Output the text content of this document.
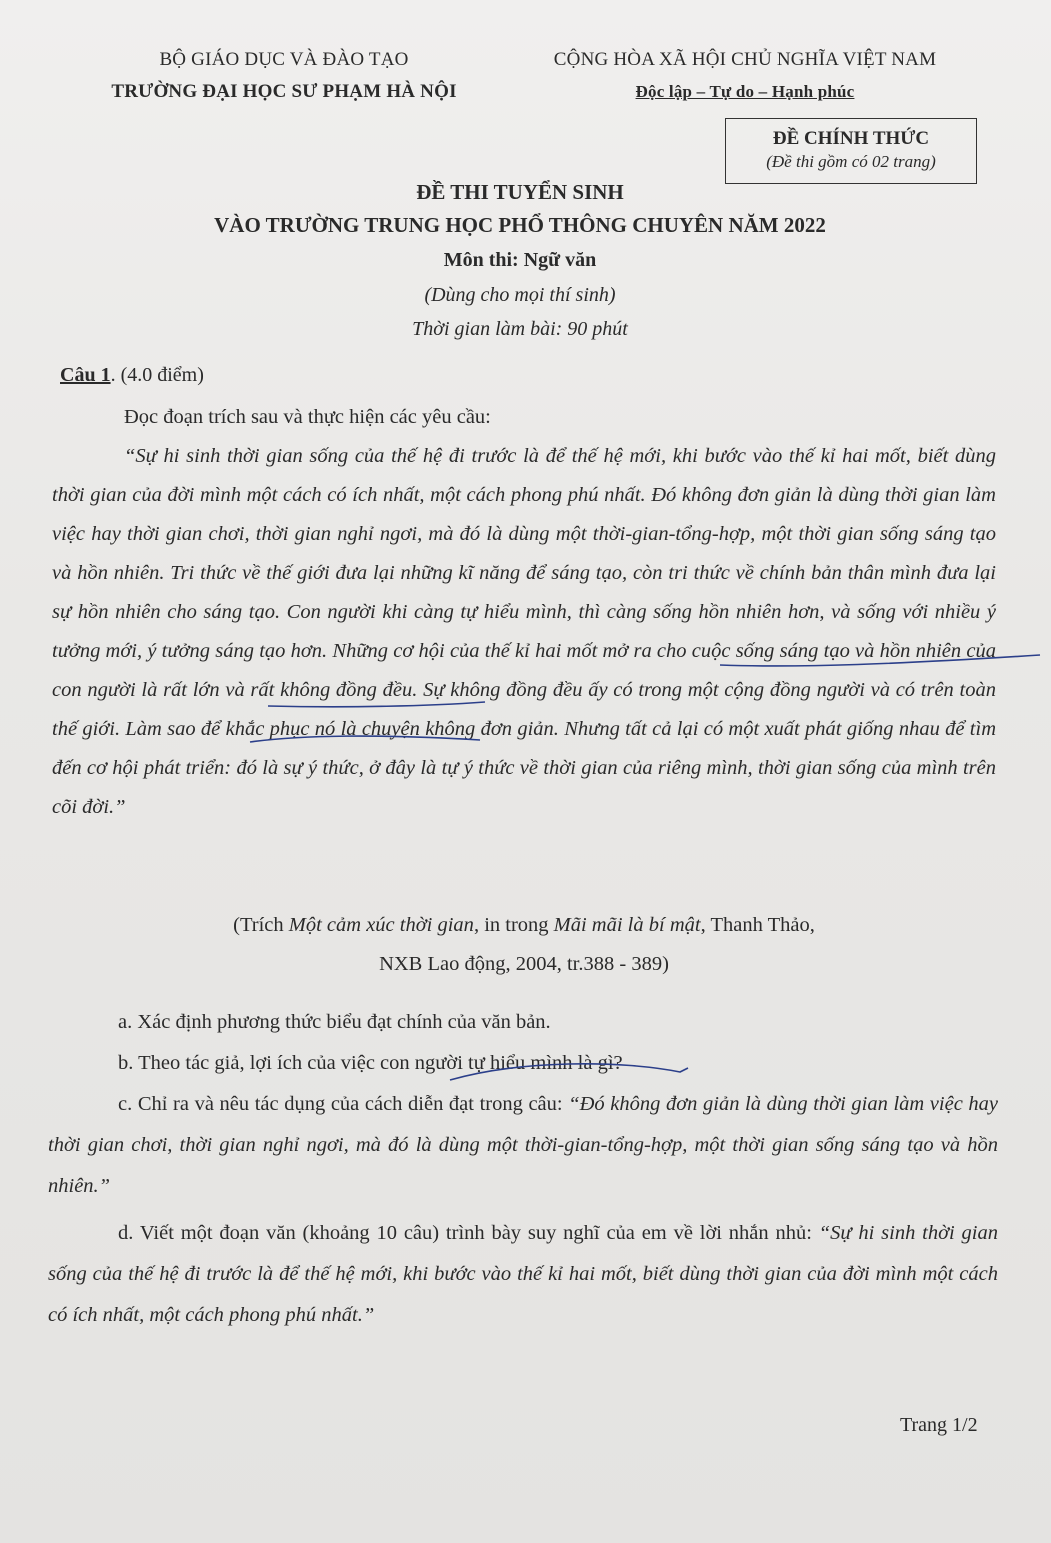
BỘ GIÁO DỤC VÀ ĐÀO TẠO
TRƯỜNG ĐẠI HỌC SƯ PHẠM HÀ NỘI
CỘNG HÒA XÃ HỘI CHỦ NGHĨA VIỆT NAM
Độc lập – Tự do – Hạnh phúc
ĐỀ CHÍNH THỨC
(Đề thi gồm có 02 trang)
ĐỀ THI TUYỂN SINH
VÀO TRƯỜNG TRUNG HỌC PHỔ THÔNG CHUYÊN NĂM 2022
Môn thi: Ngữ văn
(Dùng cho mọi thí sinh)
Thời gian làm bài: 90 phút
Câu 1. (4.0 điểm)
Đọc đoạn trích sau và thực hiện các yêu cầu:

“Sự hi sinh thời gian sống của thế hệ đi trước là để thế hệ mới, khi bước vào thế kỉ hai mốt, biết dùng thời gian của đời mình một cách có ích nhất, một cách phong phú nhất. Đó không đơn giản là dùng thời gian làm việc hay thời gian chơi, thời gian nghỉ ngơi, mà đó là dùng một thời-gian-tổng-hợp, một thời gian sống sáng tạo và hồn nhiên. Tri thức về thế giới đưa lại những kĩ năng để sáng tạo, còn tri thức về chính bản thân mình đưa lại sự hồn nhiên cho sáng tạo. Con người khi càng tự hiểu mình, thì càng sống hồn nhiên hơn, và sống với nhiều ý tưởng mới, ý tưởng sáng tạo hơn. Những cơ hội của thế kỉ hai mốt mở ra cho cuộc sống sáng tạo và hồn nhiên của con người là rất lớn và rất không đồng đều. Sự không đồng đều ấy có trong một cộng đồng người và có trên toàn thế giới. Làm sao để khắc phục nó là chuyện không đơn giản. Nhưng tất cả lại có một xuất phát giống nhau để tìm đến cơ hội phát triển: đó là sự ý thức, ở đây là tự ý thức về thời gian của riêng mình, thời gian sống của mình trên cõi đời.”

(Trích Một cảm xúc thời gian, in trong Mãi mãi là bí mật, Thanh Thảo,
NXB Lao động, 2004, tr.388 - 389)

a. Xác định phương thức biểu đạt chính của văn bản.

b. Theo tác giả, lợi ích của việc con người tự hiểu mình là gì?

c. Chỉ ra và nêu tác dụng của cách diễn đạt trong câu: “Đó không đơn giản là dùng thời gian làm việc hay thời gian chơi, thời gian nghỉ ngơi, mà đó là dùng một thời-gian-tổng-hợp, một thời gian sống sáng tạo và hồn nhiên.”

d. Viết một đoạn văn (khoảng 10 câu) trình bày suy nghĩ của em về lời nhắn nhủ: “Sự hi sinh thời gian sống của thế hệ đi trước là để thế hệ mới, khi bước vào thế kỉ hai mốt, biết dùng thời gian của đời mình một cách có ích nhất, một cách phong phú nhất.”

Trang 1/2
